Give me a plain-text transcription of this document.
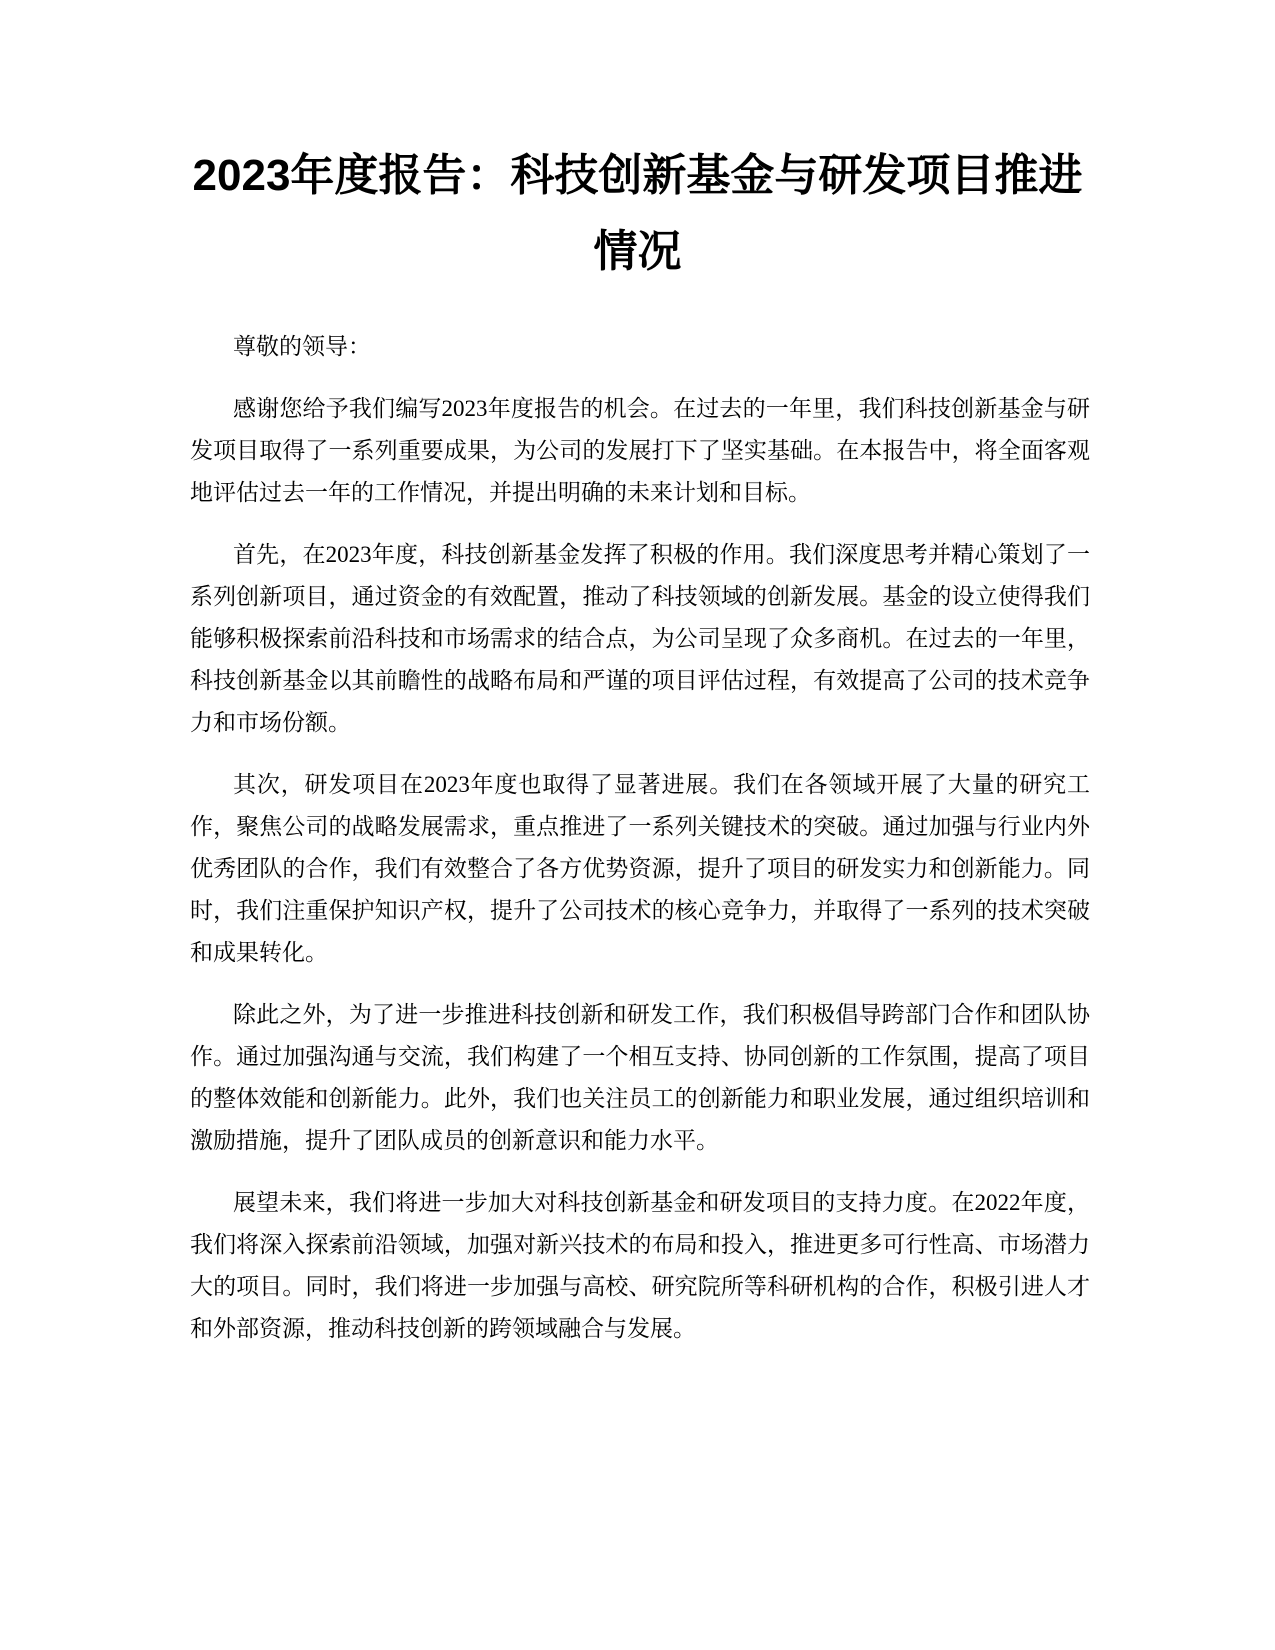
2023年度报告：科技创新基金与研发项目推进情况

尊敬的领导：

感谢您给予我们编写2023年度报告的机会。在过去的一年里，我们科技创新基金与研发项目取得了一系列重要成果，为公司的发展打下了坚实基础。在本报告中，将全面客观地评估过去一年的工作情况，并提出明确的未来计划和目标。

首先，在2023年度，科技创新基金发挥了积极的作用。我们深度思考并精心策划了一系列创新项目，通过资金的有效配置，推动了科技领域的创新发展。基金的设立使得我们能够积极探索前沿科技和市场需求的结合点，为公司呈现了众多商机。在过去的一年里，科技创新基金以其前瞻性的战略布局和严谨的项目评估过程，有效提高了公司的技术竞争力和市场份额。

其次，研发项目在2023年度也取得了显著进展。我们在各领域开展了大量的研究工作，聚焦公司的战略发展需求，重点推进了一系列关键技术的突破。通过加强与行业内外优秀团队的合作，我们有效整合了各方优势资源，提升了项目的研发实力和创新能力。同时，我们注重保护知识产权，提升了公司技术的核心竞争力，并取得了一系列的技术突破和成果转化。

除此之外，为了进一步推进科技创新和研发工作，我们积极倡导跨部门合作和团队协作。通过加强沟通与交流，我们构建了一个相互支持、协同创新的工作氛围，提高了项目的整体效能和创新能力。此外，我们也关注员工的创新能力和职业发展，通过组织培训和激励措施，提升了团队成员的创新意识和能力水平。

展望未来，我们将进一步加大对科技创新基金和研发项目的支持力度。在2022年度，我们将深入探索前沿领域，加强对新兴技术的布局和投入，推进更多可行性高、市场潜力大的项目。同时，我们将进一步加强与高校、研究院所等科研机构的合作，积极引进人才和外部资源，推动科技创新的跨领域融合与发展。
